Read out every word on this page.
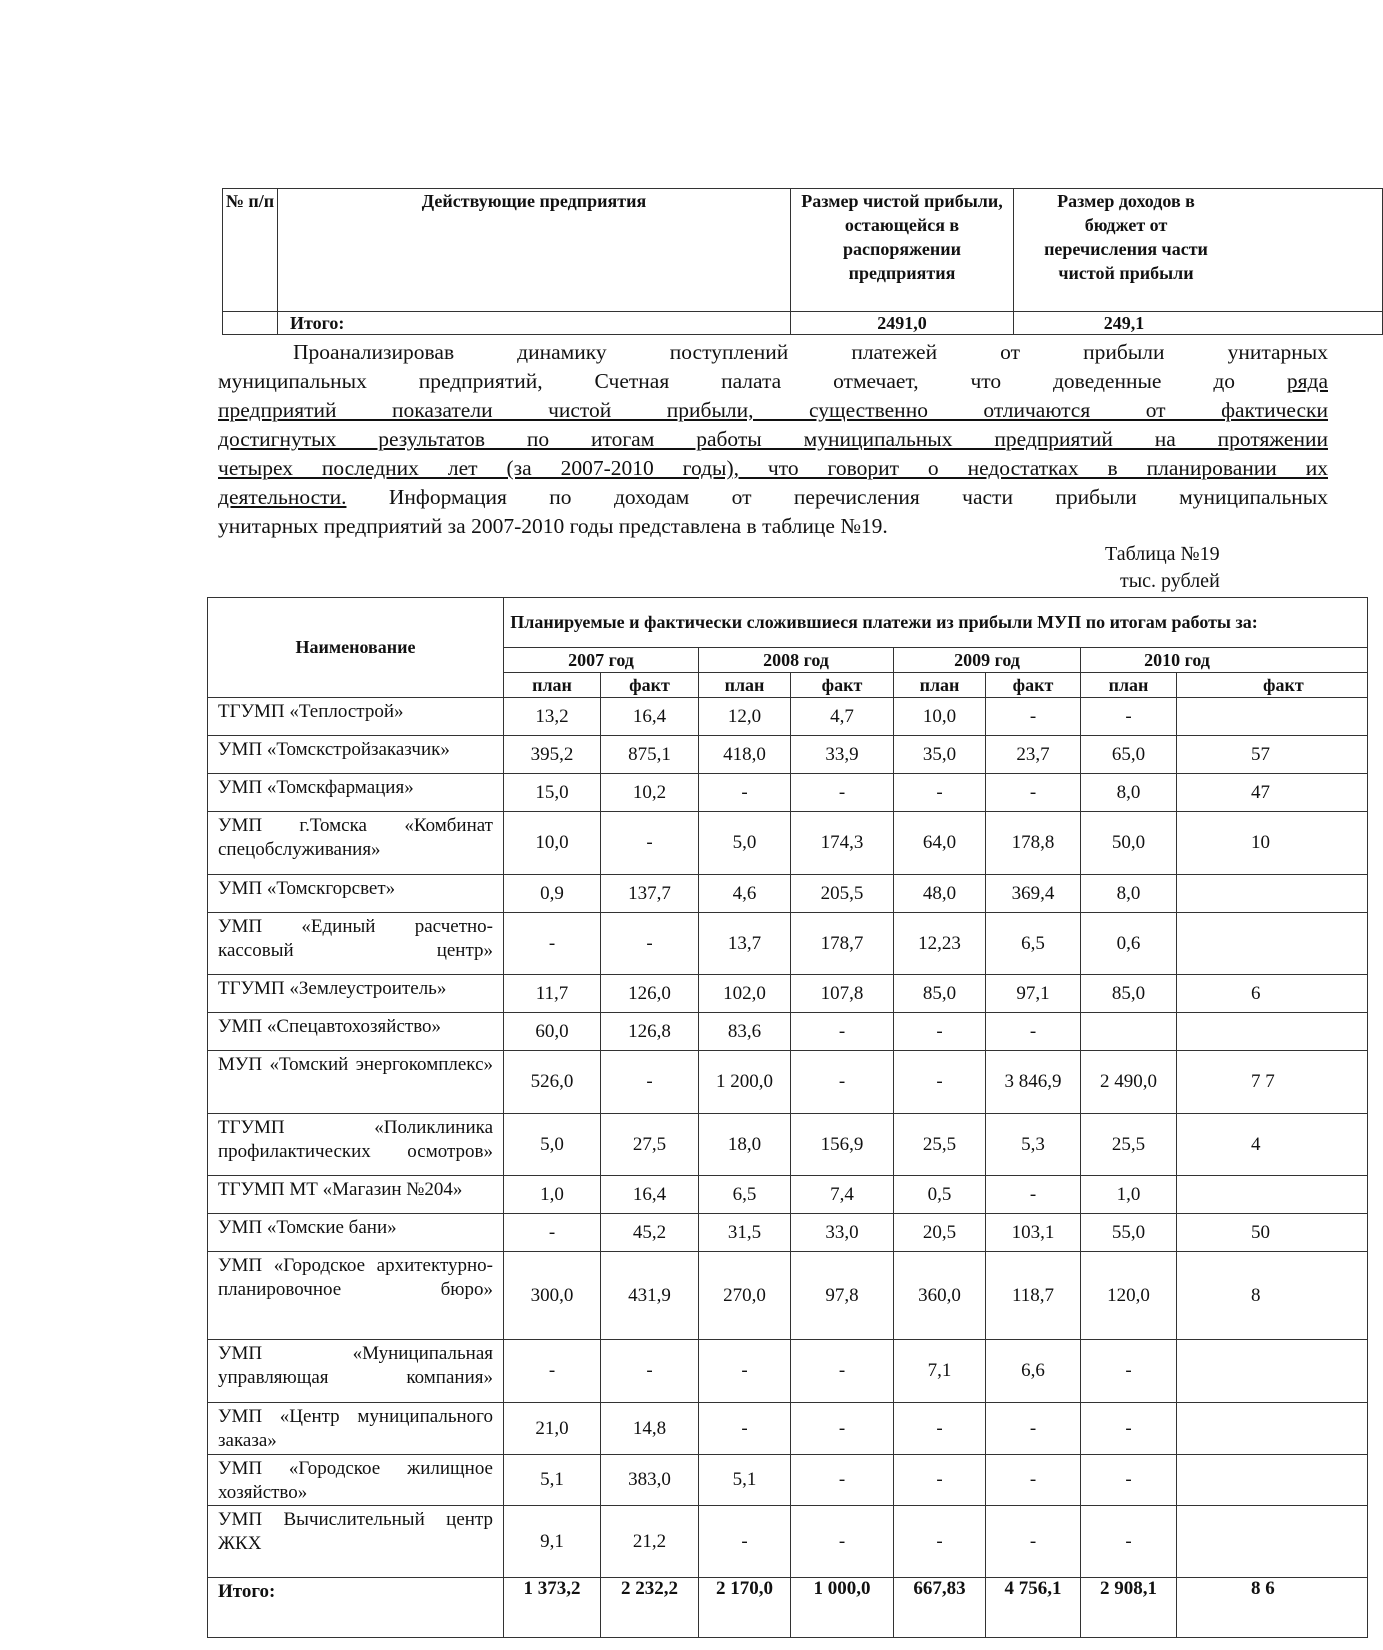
№ п/п	Действующие предприятия	Размер чистой прибыли, остающейся в распоряжении предприятия	Размер доходов в бюджет от перечисления части чистой прибыли

	Итого:	2491,0	249,1
Проанализировав динамику поступлений платежей от прибыли унитарных
муниципальных предприятий, Счетная палата отмечает, что доведенные до ряда
предприятий показатели чистой прибыли, существенно отличаются от фактически
достигнутых результатов по итогам работы муниципальных предприятий на протяжении
четырех последних лет (за 2007-2010 годы), что говорит о недостатках в планировании их
деятельности. Информация по доходам от перечисления части прибыли муниципальных
унитарных предприятий за 2007-2010 годы представлена в таблице №19.
Таблица №19
тыс. рублей
Наименование	Планируемые и фактически сложившиеся платежи из прибыли МУП по итогам работы за:							

	2007 год		2008 год		2009 год		2010 год	

	план	факт	план	факт	план	факт	план	факт
ТГУМП «Теплострой»	13,2	16,4	12,0	4,7	10,0	-	-	
УМП «Томскстройзаказчик»	395,2	875,1	418,0	33,9	35,0	23,7	65,0	57
УМП «Томскфармация»	15,0	10,2	-	-	-	-	8,0	47
УМП г.Томска «Комбинат спецобслуживания»	10,0	-	5,0	174,3	64,0	178,8	50,0	10
УМП «Томскгорсвет»	0,9	137,7	4,6	205,5	48,0	369,4	8,0	
УМП «Единый расчетно-кассовый центр»	-	-	13,7	178,7	12,23	6,5	0,6	
ТГУМП «Землеустроитель»	11,7	126,0	102,0	107,8	85,0	97,1	85,0	6
УМП «Спецавтохозяйство»	60,0	126,8	83,6	-	-	-		
МУП «Томский энергокомплекс»	526,0	-	1 200,0	-	-	3 846,9	2 490,0	7 7
ТГУМП «Поликлиника профилактических осмотров»	5,0	27,5	18,0	156,9	25,5	5,3	25,5	4
ТГУМП МТ «Магазин №204»	1,0	16,4	6,5	7,4	0,5	-	1,0	
УМП «Томские бани»	-	45,2	31,5	33,0	20,5	103,1	55,0	50
УМП «Городское архитектурно-планировочное бюро»	300,0	431,9	270,0	97,8	360,0	118,7	120,0	8
УМП «Муниципальная управляющая компания»	-	-	-	-	7,1	6,6	-	
УМП «Центр муниципального заказа»	21,0	14,8	-	-	-	-	-	
УМП «Городское жилищное хозяйство»	5,1	383,0	5,1	-	-	-	-	
УМП Вычислительный центр ЖКХ	9,1	21,2	-	-	-	-	-	
Итого:	1 373,2	2 232,2	2 170,0	1 000,0	667,83	4 756,1	2 908,1	8 6
